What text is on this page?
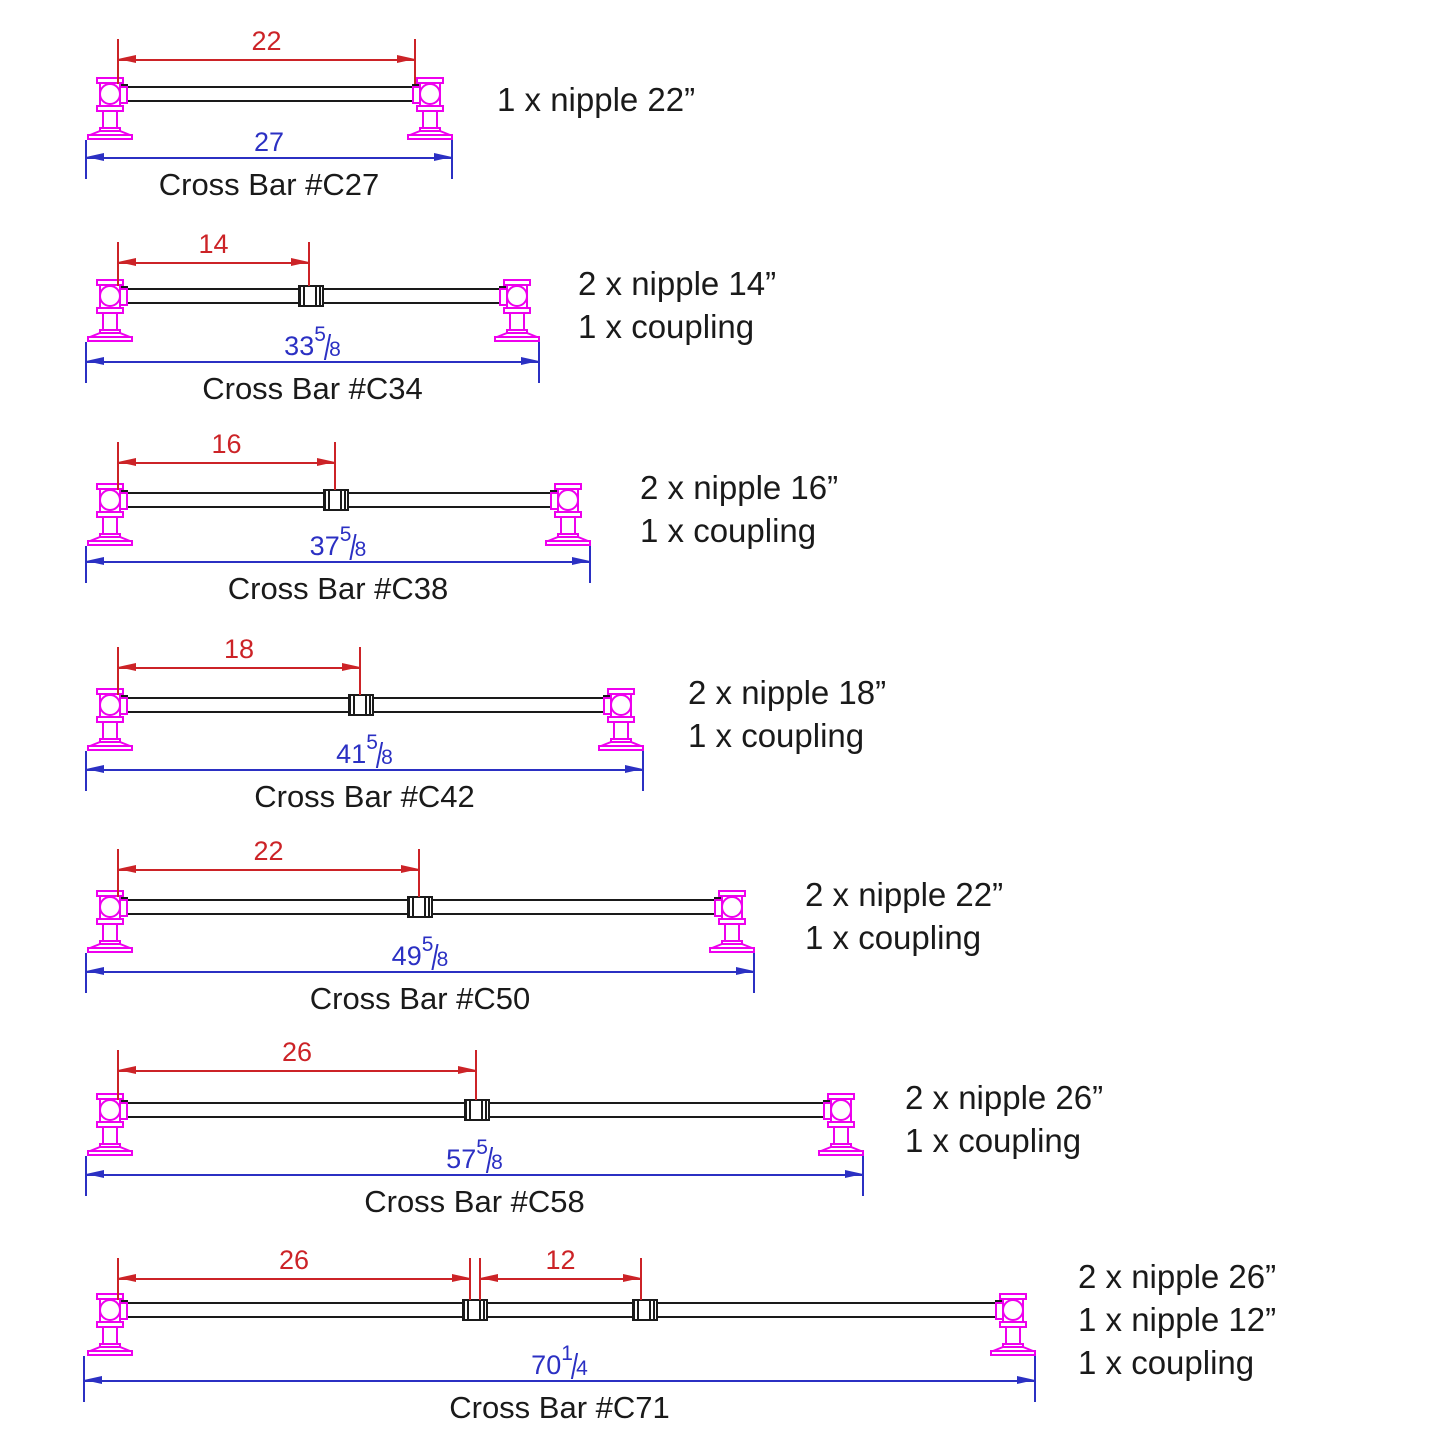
22
27
Cross Bar #C27
1 x nipple 22”
14
$33^5/8$
Cross Bar #C34
2 x nipple 14”
1 x coupling
16
$37^5/8$
Cross Bar #C38
2 x nipple 16”
1 x coupling
18
$41^5/8$
Cross Bar #C42
2 x nipple 18”
1 x coupling
22
$49^5/8$
Cross Bar #C50
2 x nipple 22”
1 x coupling
26
$57^5/8$
Cross Bar #C58
2 x nipple 26”
1 x coupling
26	12
$70^1/4$
Cross Bar #C71
2 x nipple 26”
1 x nipple 12”
1 x coupling
